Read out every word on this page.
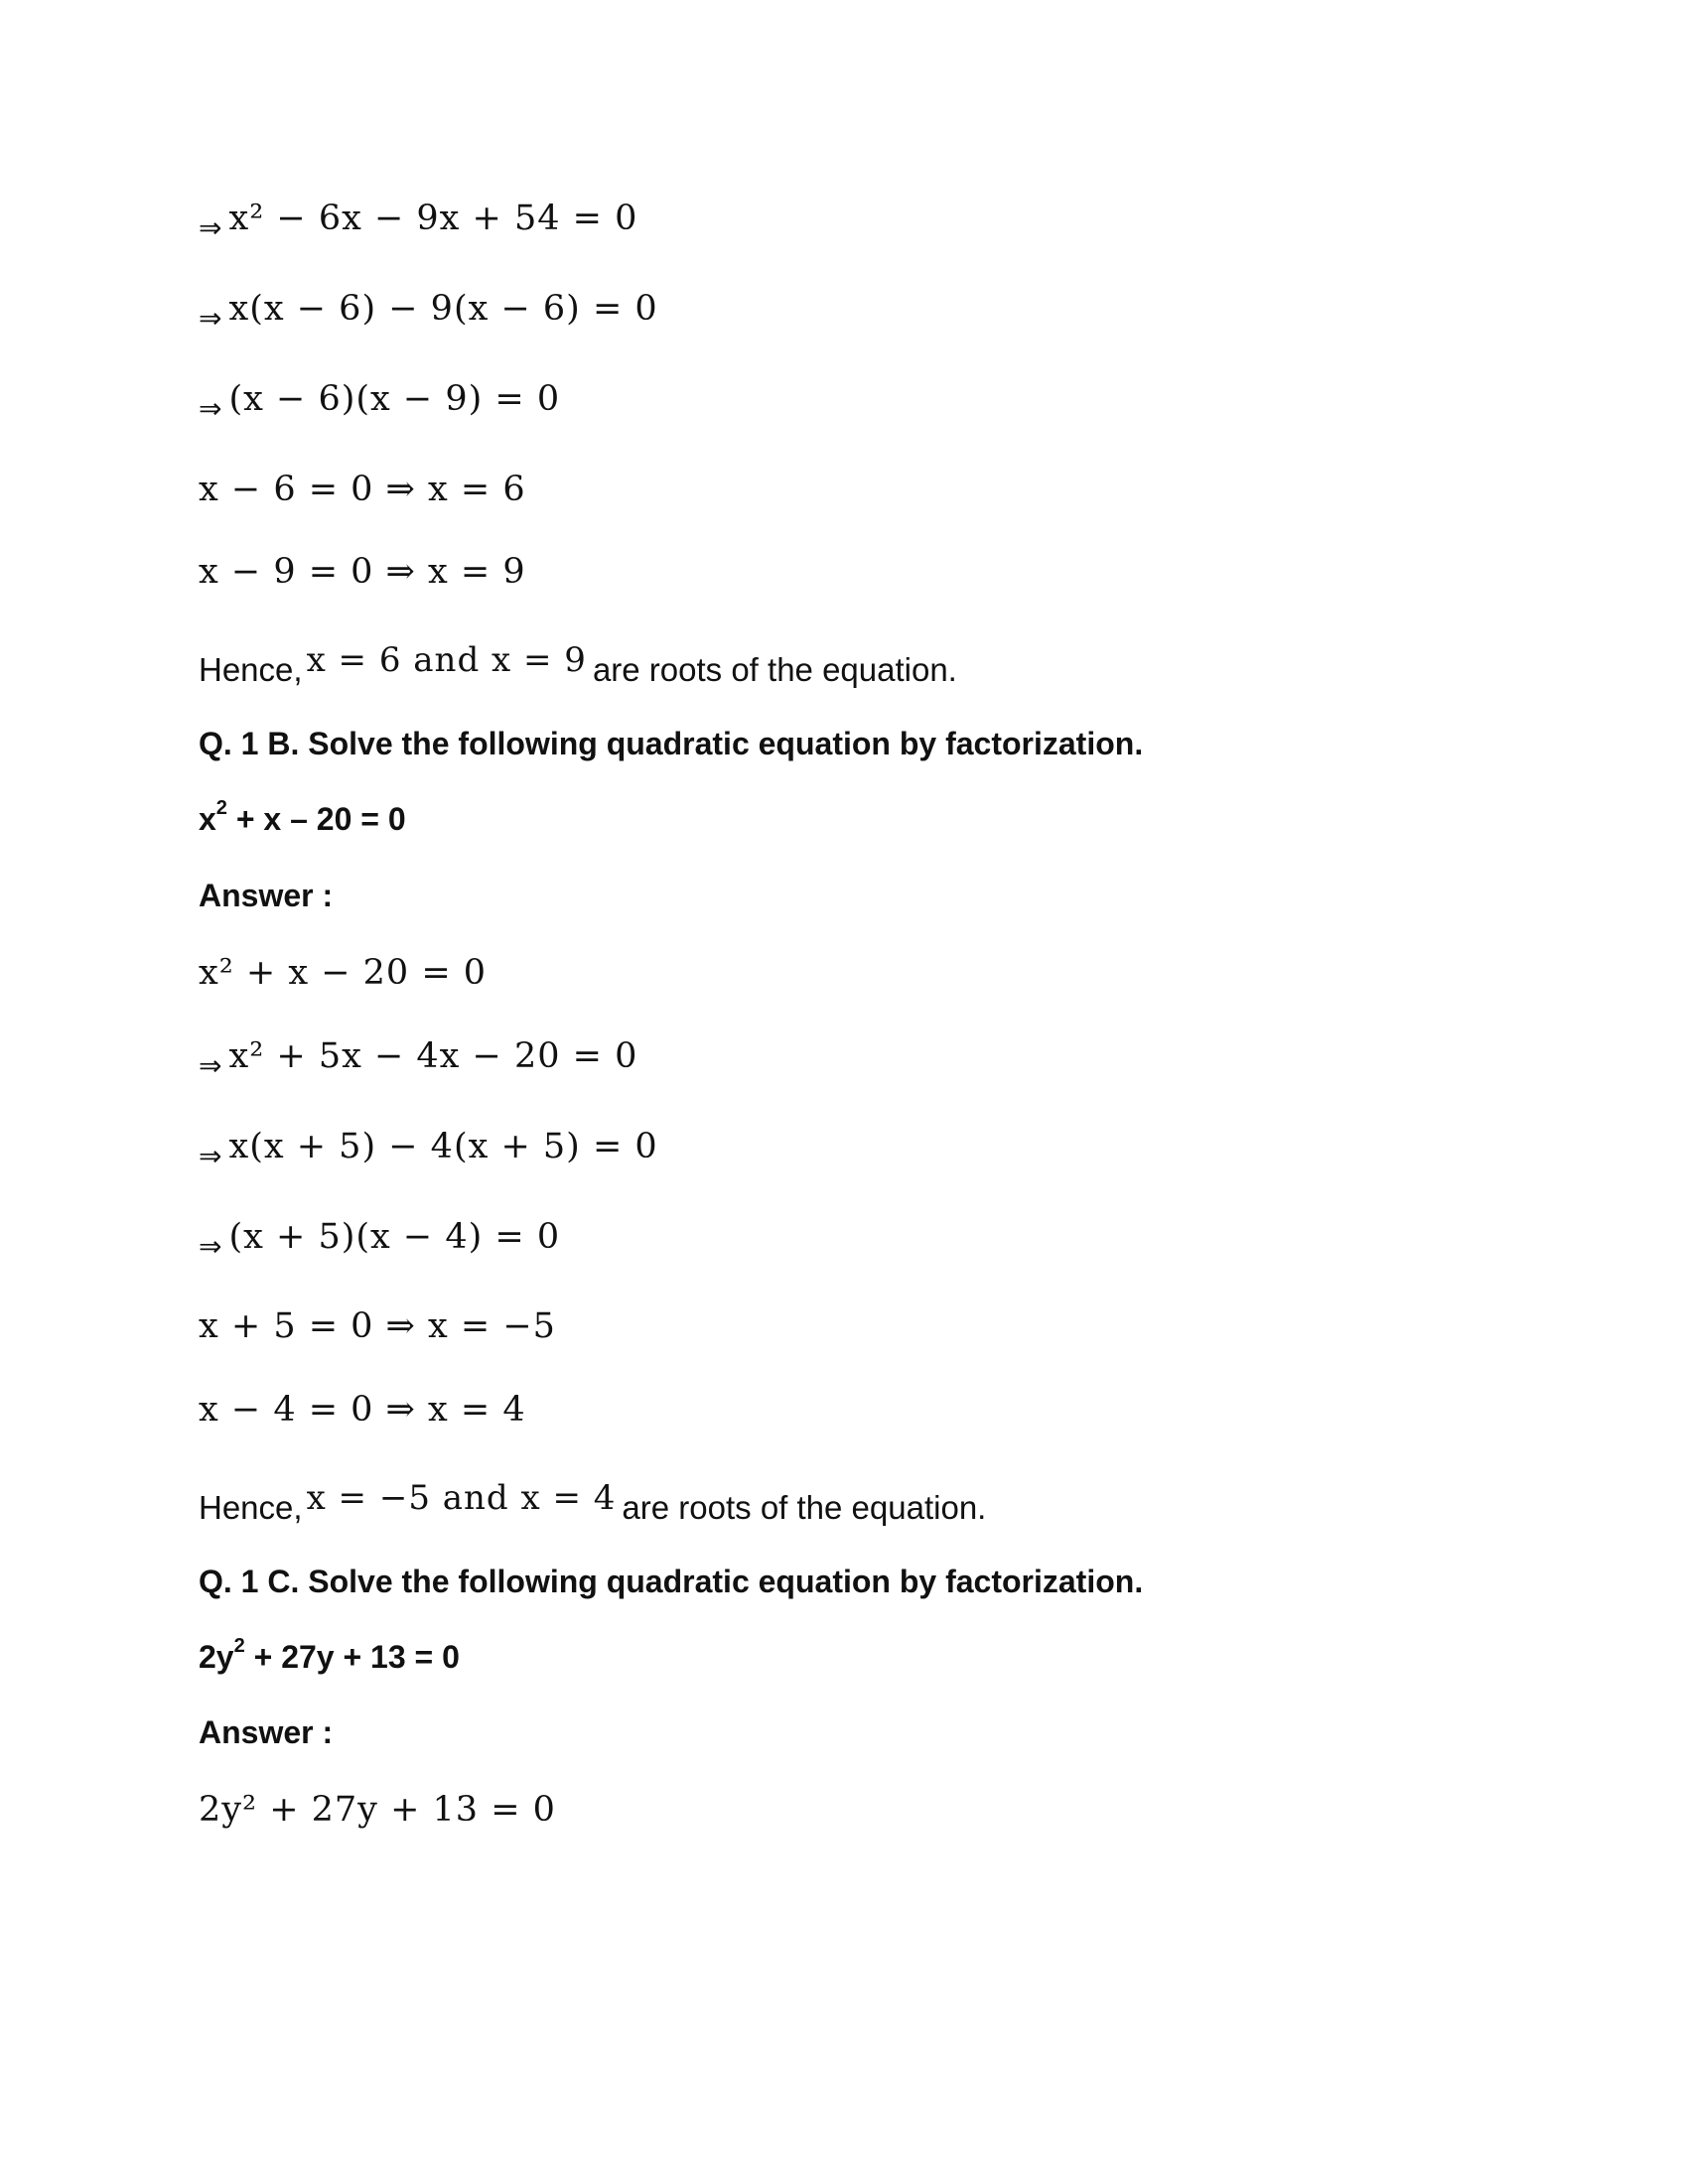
$_\Rightarrow$ x² − 6x − 9x + 54 = 0
$_\Rightarrow$ x(x − 6) − 9(x − 6) = 0
$_\Rightarrow$ (x − 6)(x − 9) = 0
x − 6 = 0 ⇒ x = 6
x − 9 = 0 ⇒ x = 9
Hence, x = 6 and x = 9 are roots of the equation.
Q. 1 B. Solve the following quadratic equation by factorization.
$x^2 + x - 20 = 0$
Answer :
x² + x − 20 = 0
$_\Rightarrow$ x² + 5x − 4x − 20 = 0
$_\Rightarrow$ x(x + 5) − 4(x + 5) = 0
$_\Rightarrow$ (x + 5)(x − 4) = 0
x + 5 = 0 ⇒ x = −5
x − 4 = 0 ⇒ x = 4
Hence, x = −5 and x = 4 are roots of the equation.
Q. 1 C. Solve the following quadratic equation by factorization.
$2y^2 + 27y + 13 = 0$
Answer :
2y² + 27y + 13 = 0
